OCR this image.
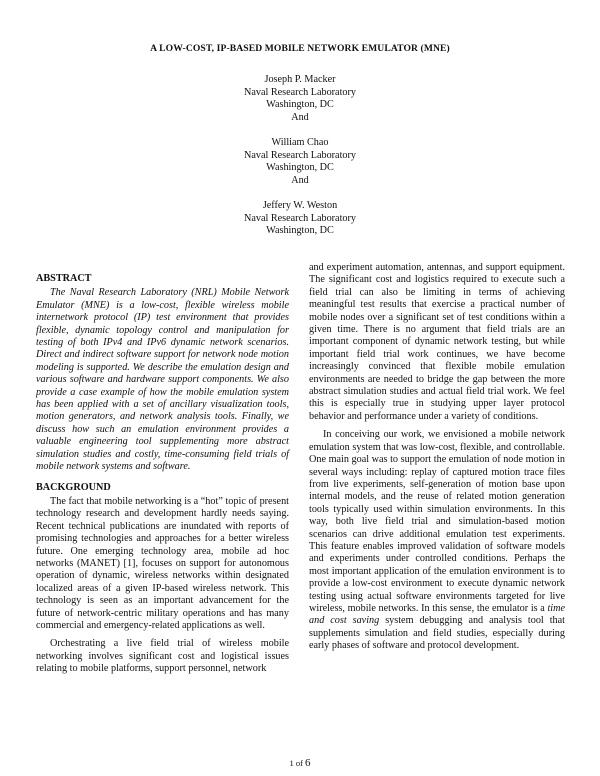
A LOW-COST, IP-BASED MOBILE NETWORK EMULATOR (MNE)
Joseph P. Macker
Naval Research Laboratory
Washington, DC
And
William Chao
Naval Research Laboratory
Washington, DC
And
Jeffery W. Weston
Naval Research Laboratory
Washington, DC
ABSTRACT

The Naval Research Laboratory (NRL) Mobile Network Emulator (MNE) is a low-cost, flexible wireless mobile internetwork protocol (IP) test environment that provides flexible, dynamic topology control and manipulation for testing of both IPv4 and IPv6 dynamic network scenarios. Direct and indirect software support for network node motion modeling is supported. We describe the emulation design and various software and hardware support components. We also provide a case example of how the mobile emulation system has been applied with a set of ancillary visualization tools, motion generators, and network analysis tools. Finally, we discuss how such an emulation environment provides a valuable engineering tool supplementing more abstract simulation studies and costly, time-consuming field trials of mobile network systems and software.

BACKGROUND

The fact that mobile networking is a “hot” topic of present technology research and development hardly needs saying. Recent technical publications are inundated with reports of promising technologies and approaches for a better wireless future. One emerging technology area, mobile ad hoc networks (MANET) [1], focuses on support for autonomous operation of dynamic, wireless networks within designated localized areas of a given IP-based wireless network. This technology is seen as an important advancement for the future of network-centric military operations and has many commercial and emergency-related applications as well.

Orchestrating a live field trial of wireless mobile networking involves significant cost and logistical issues relating to mobile platforms, support personnel, network

and experiment automation, antennas, and support equipment. The significant cost and logistics required to execute such a field trial can also be limiting in terms of achieving meaningful test results that exercise a practical number of mobile nodes over a significant set of test conditions within a given time. There is no argument that field trials are an important component of dynamic network testing, but while important field trial work continues, we have become increasingly convinced that flexible mobile emulation environments are needed to bridge the gap between the more abstract simulation studies and actual field trial work. We feel this is especially true in studying upper layer protocol behavior and performance under a variety of conditions.

In conceiving our work, we envisioned a mobile network emulation system that was low-cost, flexible, and controllable. One main goal was to support the emulation of node motion in several ways including: replay of captured motion trace files from live experiments, self-generation of motion base upon internal models, and the reuse of related motion generation tools typically used within simulation environments. In this way, both live field trial and simulation-based motion scenarios can drive additional emulation test experiments. This feature enables improved validation of software models and experiments under controlled conditions. Perhaps the most important application of the emulation environment is to provide a low-cost environment to execute dynamic network testing using actual software environments targeted for live wireless, mobile networks. In this sense, the emulator is a time and cost saving system debugging and analysis tool that supplements simulation and field studies, especially during early phases of software and protocol development.

1 of 6
